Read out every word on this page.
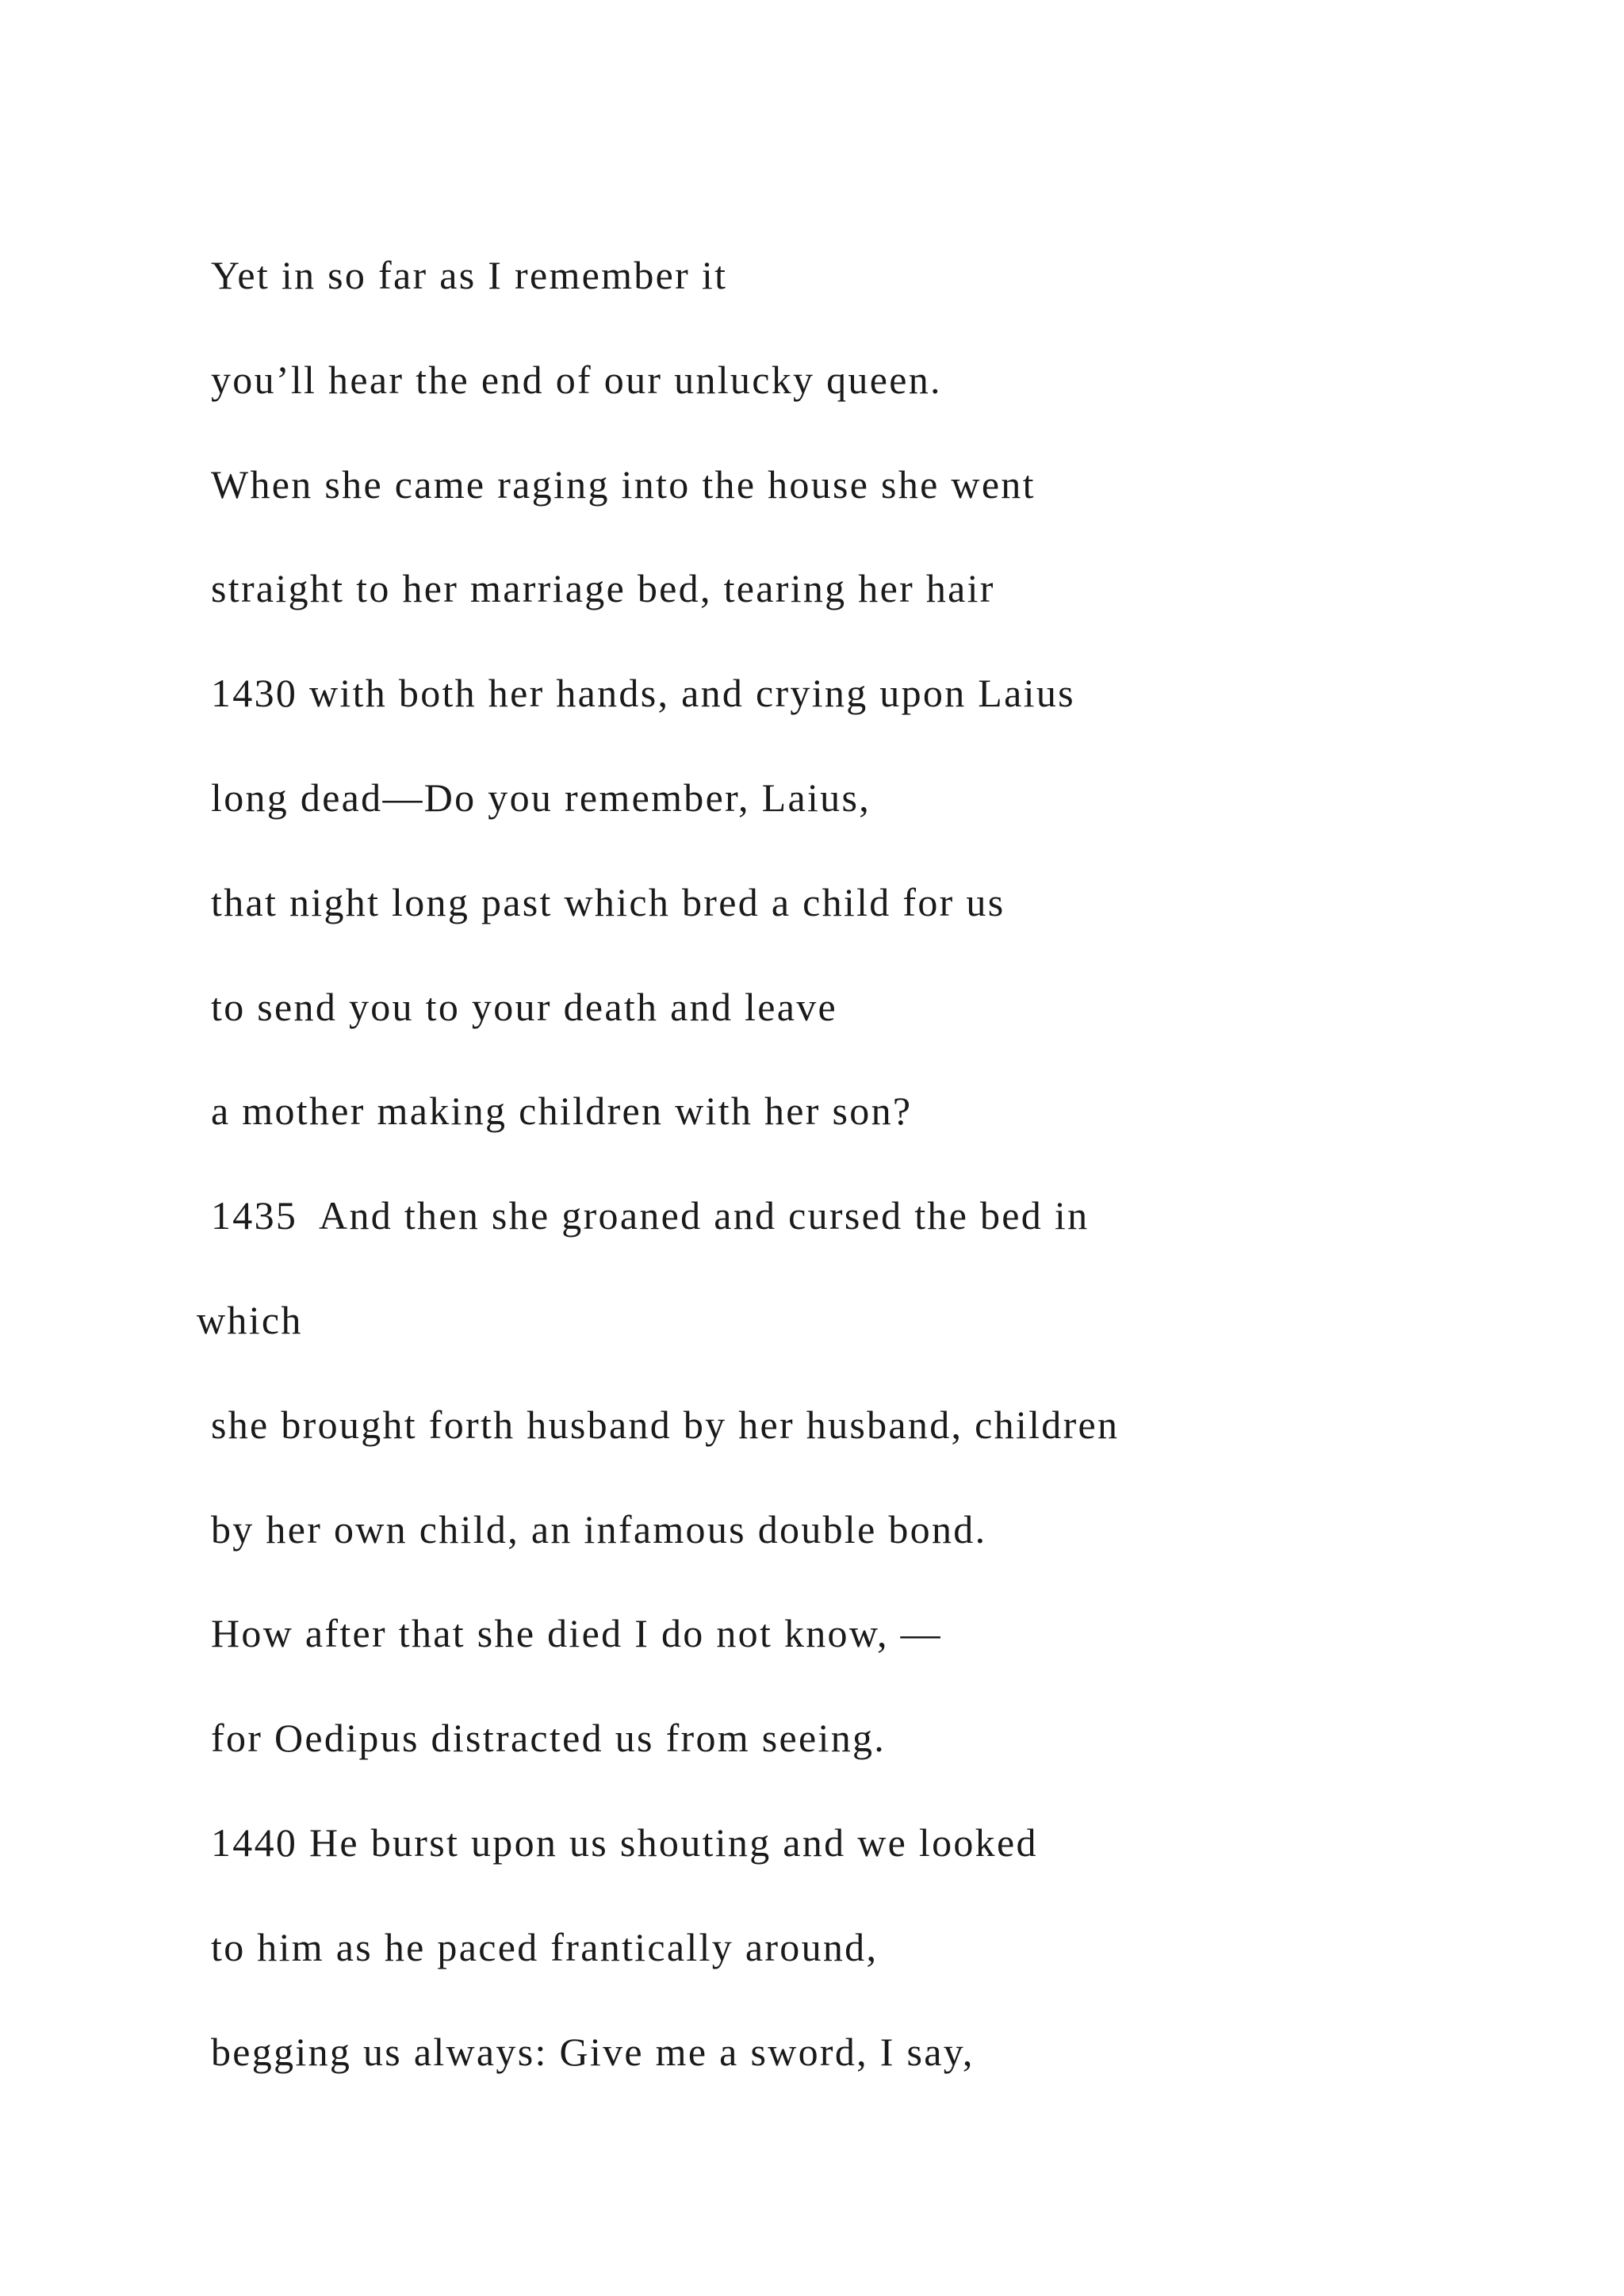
Yet in so far as I remember it
you’ll hear the end of our unlucky queen.
When she came raging into the house she went
straight to her marriage bed, tearing her hair
1430 with both her hands, and crying upon Laius
long dead—Do you remember, Laius,
that night long past which bred a child for us
to send you to your death and leave
a mother making children with her son?
1435  And then she groaned and cursed the bed in
which
she brought forth husband by her husband, children
by her own child, an infamous double bond.
How after that she died I do not know, —
for Oedipus distracted us from seeing.
1440 He burst upon us shouting and we looked
to him as he paced frantically around,
begging us always: Give me a sword, I say,
